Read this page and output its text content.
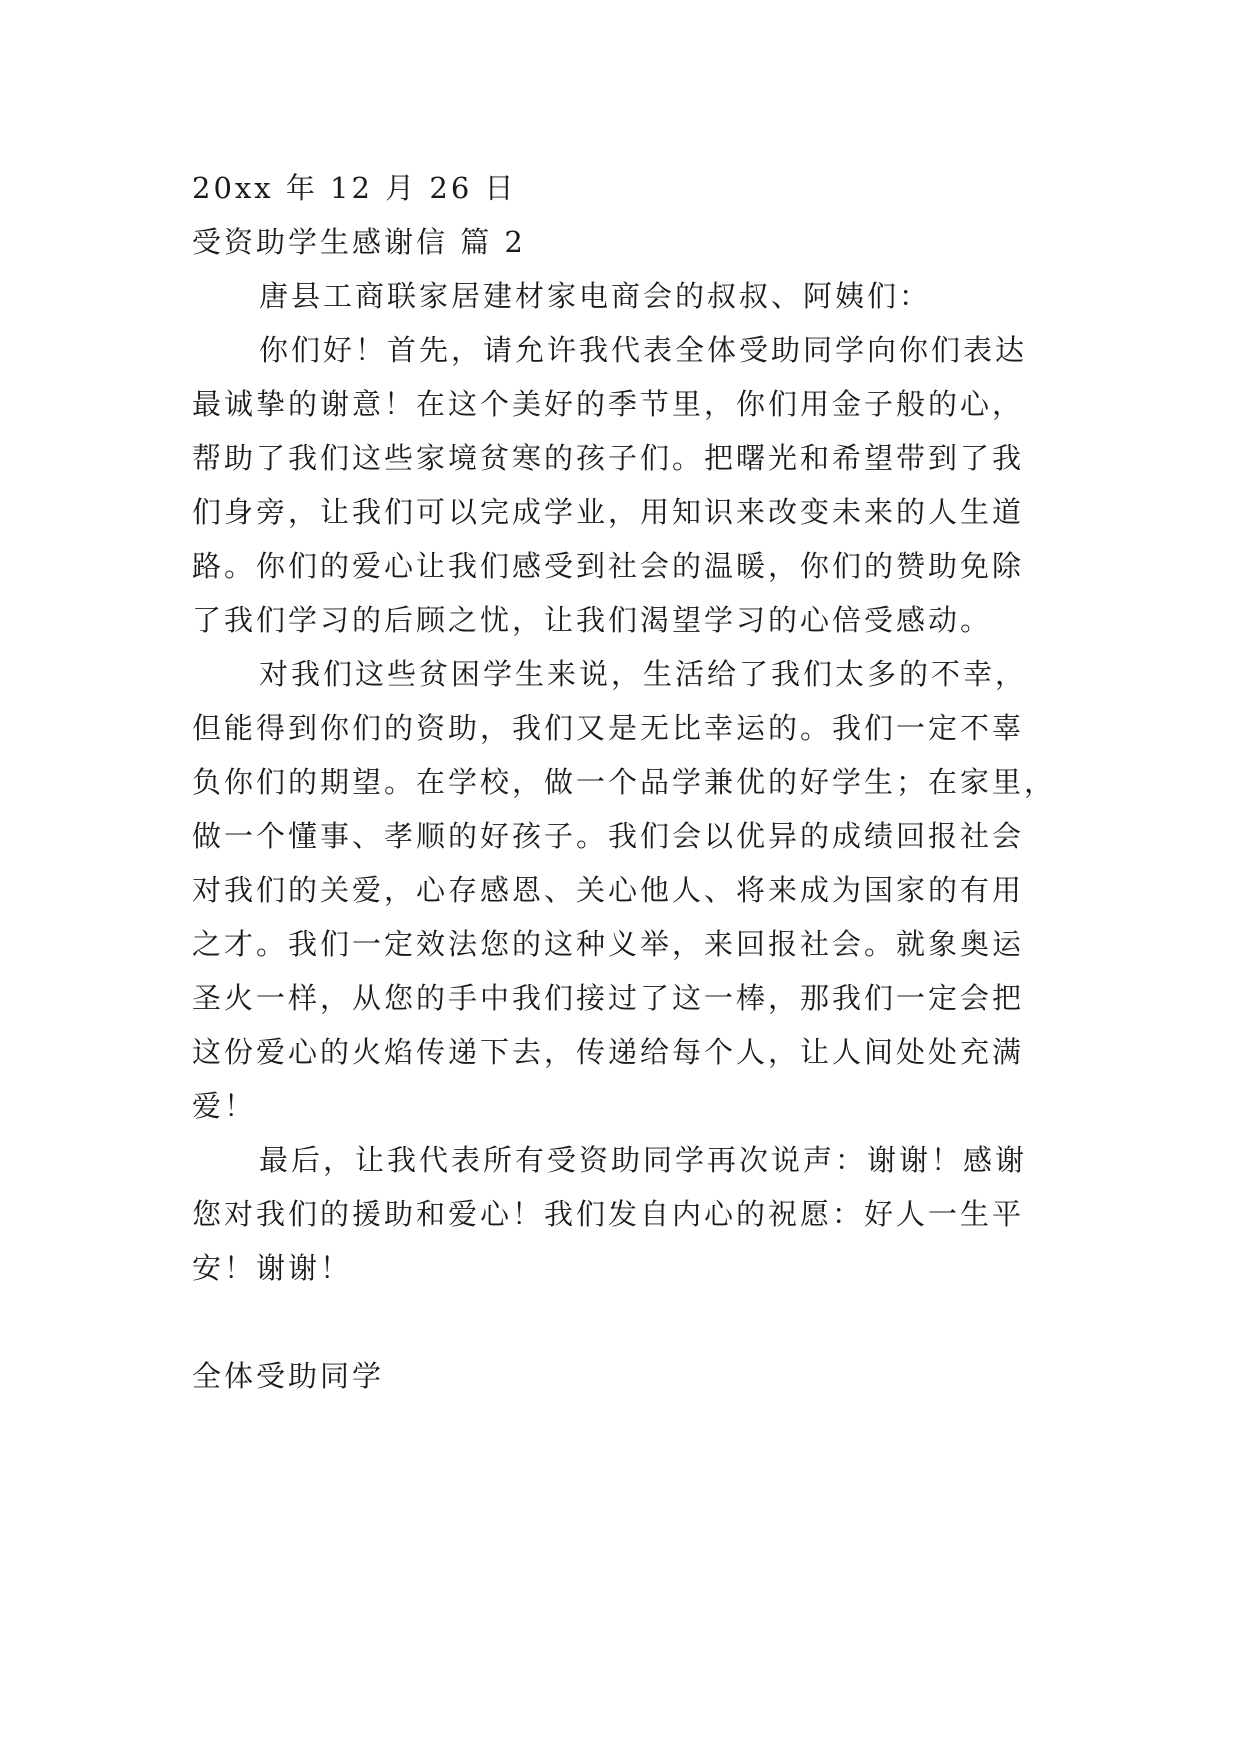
20xx 年 12 月 26 日
受资助学生感谢信 篇 2
唐县工商联家居建材家电商会的叔叔、阿姨们：
你们好！首先，请允许我代表全体受助同学向你们表达
最诚挚的谢意！在这个美好的季节里，你们用金子般的心，
帮助了我们这些家境贫寒的孩子们。把曙光和希望带到了我
们身旁，让我们可以完成学业，用知识来改变未来的人生道
路。你们的爱心让我们感受到社会的温暖，你们的赞助免除
了我们学习的后顾之忧，让我们渴望学习的心倍受感动。
对我们这些贫困学生来说，生活给了我们太多的不幸，
但能得到你们的资助，我们又是无比幸运的。我们一定不辜
负你们的期望。在学校，做一个品学兼优的好学生；在家里，
做一个懂事、孝顺的好孩子。我们会以优异的成绩回报社会
对我们的关爱，心存感恩、关心他人、将来成为国家的有用
之才。我们一定效法您的这种义举，来回报社会。就象奥运
圣火一样，从您的手中我们接过了这一棒，那我们一定会把
这份爱心的火焰传递下去，传递给每个人，让人间处处充满
爱！
最后，让我代表所有受资助同学再次说声：谢谢！感谢
您对我们的援助和爱心！我们发自内心的祝愿：好人一生平
安！谢谢！
全体受助同学
